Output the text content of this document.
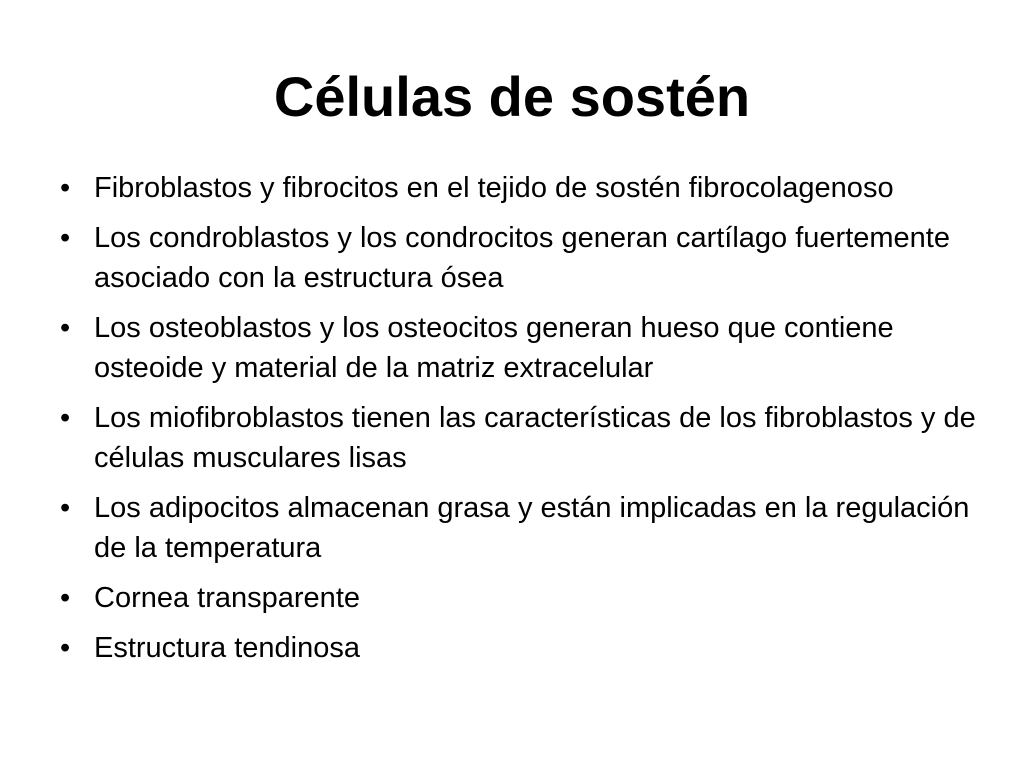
Células de sostén
• Fibroblastos y fibrocitos en el tejido de sostén fibrocolagenoso
• Los condroblastos y los condrocitos generan cartílago fuertemente asociado con la estructura ósea
• Los osteoblastos y los osteocitos generan hueso que contiene osteoide y material de la matriz extracelular
• Los miofibroblastos tienen las características de los fibroblastos y de células musculares lisas
• Los adipocitos almacenan grasa y están implicadas en la regulación de la temperatura
• Cornea transparente
• Estructura tendinosa
